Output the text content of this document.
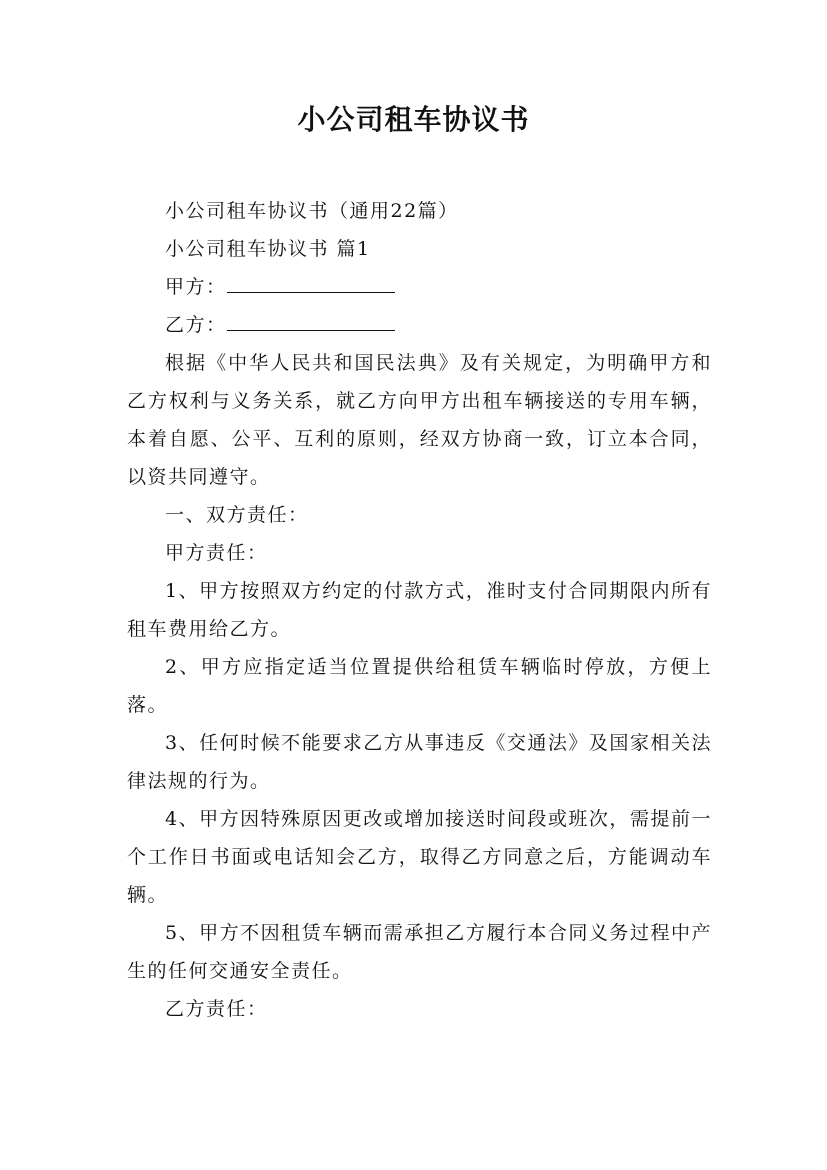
小公司租车协议书

小公司租车协议书（通用22篇）

小公司租车协议书 篇1

甲方：

乙方：

根据《中华人民共和国民法典》及有关规定，为明确甲方和乙方权利与义务关系，就乙方向甲方出租车辆接送的专用车辆，本着自愿、公平、互利的原则，经双方协商一致，订立本合同，以资共同遵守。

一、双方责任：

甲方责任：

1、甲方按照双方约定的付款方式，准时支付合同期限内所有租车费用给乙方。

2、甲方应指定适当位置提供给租赁车辆临时停放，方便上落。

3、任何时候不能要求乙方从事违反《交通法》及国家相关法律法规的行为。

4、甲方因特殊原因更改或增加接送时间段或班次，需提前一个工作日书面或电话知会乙方，取得乙方同意之后，方能调动车辆。

5、甲方不因租赁车辆而需承担乙方履行本合同义务过程中产生的任何交通安全责任。

乙方责任：
